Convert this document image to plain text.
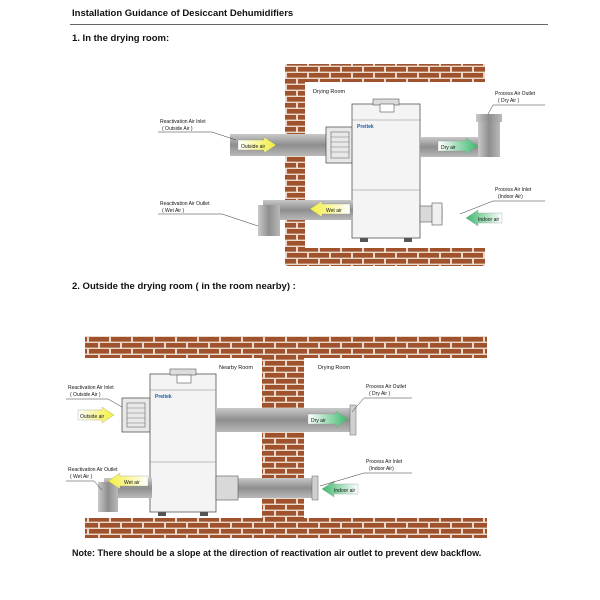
Installation Guidance of Desiccant Dehumidifiers
1. In the drying room:
2. Outside the drying room ( in the room nearby) :
Note: There should be a slope at the direction of reactivation air outlet to prevent dew backflow.
Drying Room
Preitek
Outside air	Dry air
Wet air
Indoor air
Reactivation Air Inlet
( Outside Air )
Reactivation Air Outlet
( Wet Air )
Process Air Outlet
( Dry Air )
Process Air Inlet
(Indoor Air)
Nearby Room	Drying Room
Preitek
Outside air
Dry air
Wet air
Indoor air
Reactivation Air Inlet
( Outside Air )
Reactivation Air Outlet
( Wet Air )
Process Air Outlet
( Dry Air )
Process Air Inlet
(Indoor Air)
